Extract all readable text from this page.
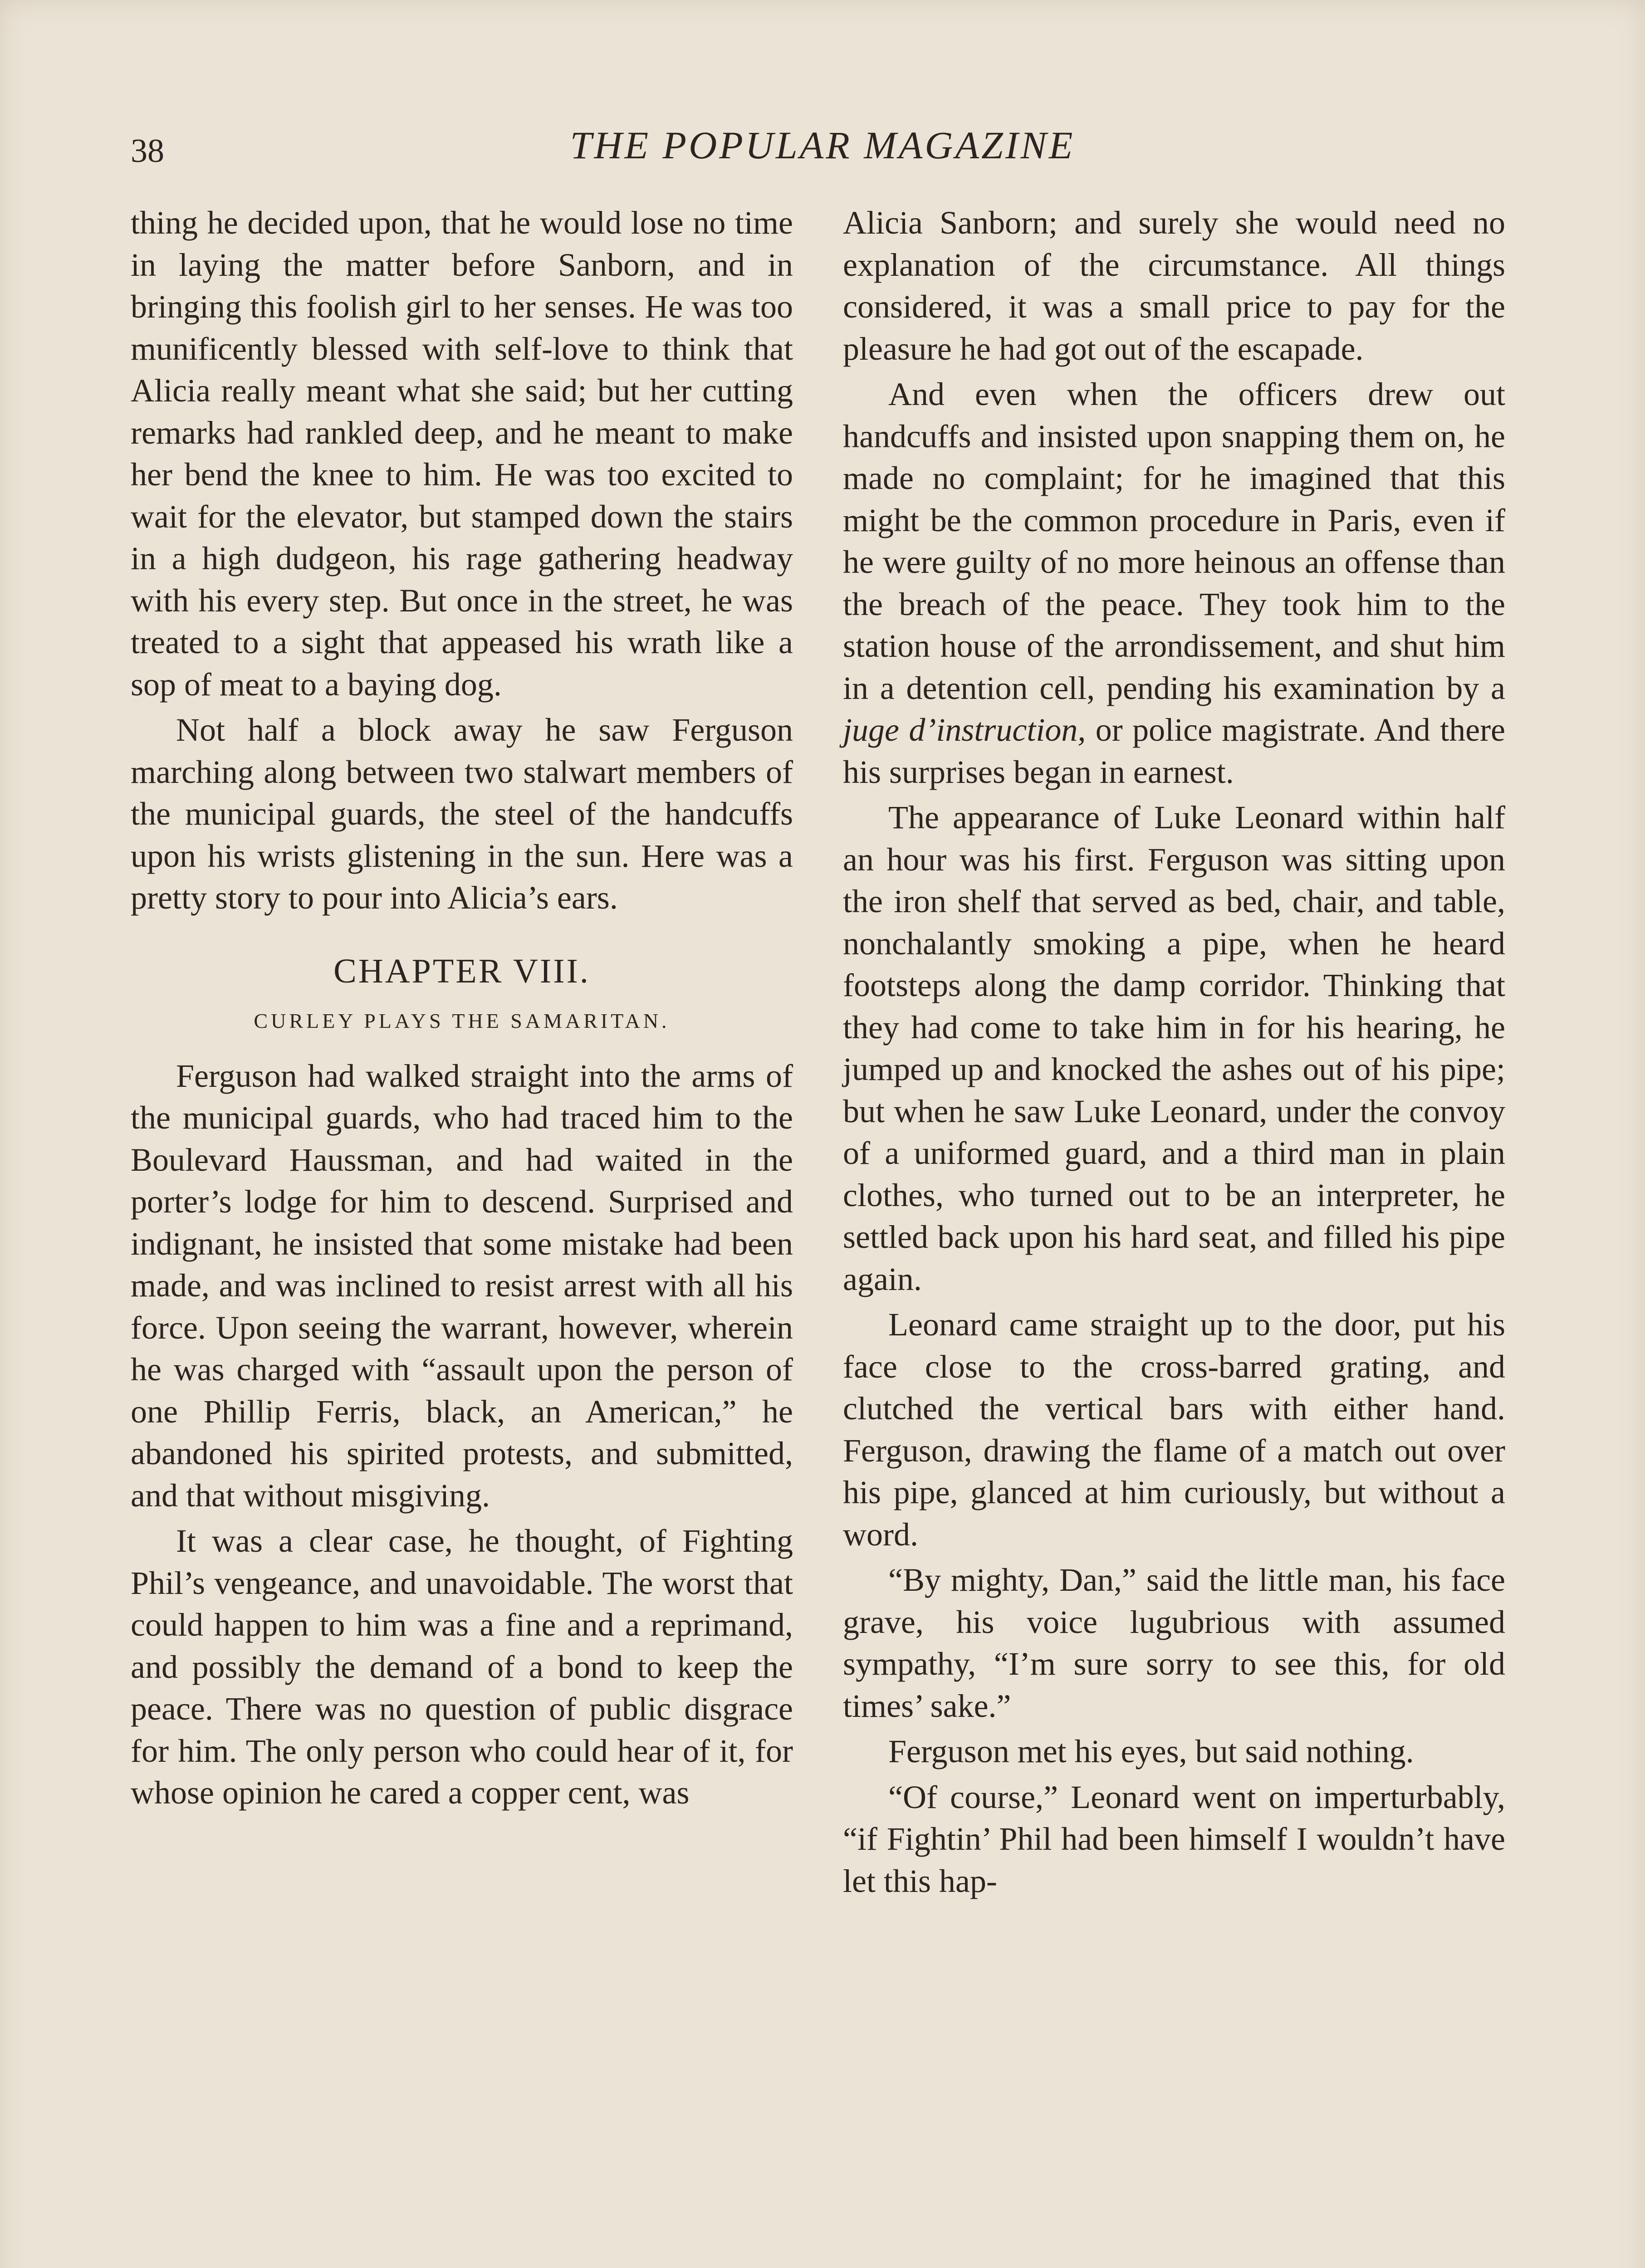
38	THE POPULAR MAGAZINE

thing he decided upon, that he would lose no time in laying the matter before Sanborn, and in bringing this foolish girl to her senses. He was too munificently blessed with self-love to think that Alicia really meant what she said; but her cutting remarks had rankled deep, and he meant to make her bend the knee to him. He was too excited to wait for the elevator, but stamped down the stairs in a high dudgeon, his rage gathering headway with his every step. But once in the street, he was treated to a sight that appeased his wrath like a sop of meat to a baying dog.

Not half a block away he saw Ferguson marching along between two stalwart members of the municipal guards, the steel of the handcuffs upon his wrists glistening in the sun. Here was a pretty story to pour into Alicia’s ears.

CHAPTER VIII.

CURLEY PLAYS THE SAMARITAN.

Ferguson had walked straight into the arms of the municipal guards, who had traced him to the Boulevard Haussman, and had waited in the porter’s lodge for him to descend. Surprised and indignant, he insisted that some mistake had been made, and was inclined to resist arrest with all his force. Upon seeing the warrant, however, wherein he was charged with “assault upon the person of one Phillip Ferris, black, an American,” he abandoned his spirited protests, and submitted, and that without misgiving.

It was a clear case, he thought, of Fighting Phil’s vengeance, and unavoidable. The worst that could happen to him was a fine and a reprimand, and possibly the demand of a bond to keep the peace. There was no question of public disgrace for him. The only person who could hear of it, for whose opinion he cared a copper cent, was

Alicia Sanborn; and surely she would need no explanation of the circumstance. All things considered, it was a small price to pay for the pleasure he had got out of the escapade.

And even when the officers drew out handcuffs and insisted upon snapping them on, he made no complaint; for he imagined that this might be the common procedure in Paris, even if he were guilty of no more heinous an offense than the breach of the peace. They took him to the station house of the arrondissement, and shut him in a detention cell, pending his examination by a juge d’instruction, or police magistrate. And there his surprises began in earnest.

The appearance of Luke Leonard within half an hour was his first. Ferguson was sitting upon the iron shelf that served as bed, chair, and table, nonchalantly smoking a pipe, when he heard footsteps along the damp corridor. Thinking that they had come to take him in for his hearing, he jumped up and knocked the ashes out of his pipe; but when he saw Luke Leonard, under the convoy of a uniformed guard, and a third man in plain clothes, who turned out to be an interpreter, he settled back upon his hard seat, and filled his pipe again.

Leonard came straight up to the door, put his face close to the cross-barred grating, and clutched the vertical bars with either hand. Ferguson, drawing the flame of a match out over his pipe, glanced at him curiously, but without a word.

“By mighty, Dan,” said the little man, his face grave, his voice lugubrious with assumed sympathy, “I’m sure sorry to see this, for old times’ sake.”

Ferguson met his eyes, but said nothing.

“Of course,” Leonard went on imperturbably, “if Fightin’ Phil had been himself I wouldn’t have let this hap-
